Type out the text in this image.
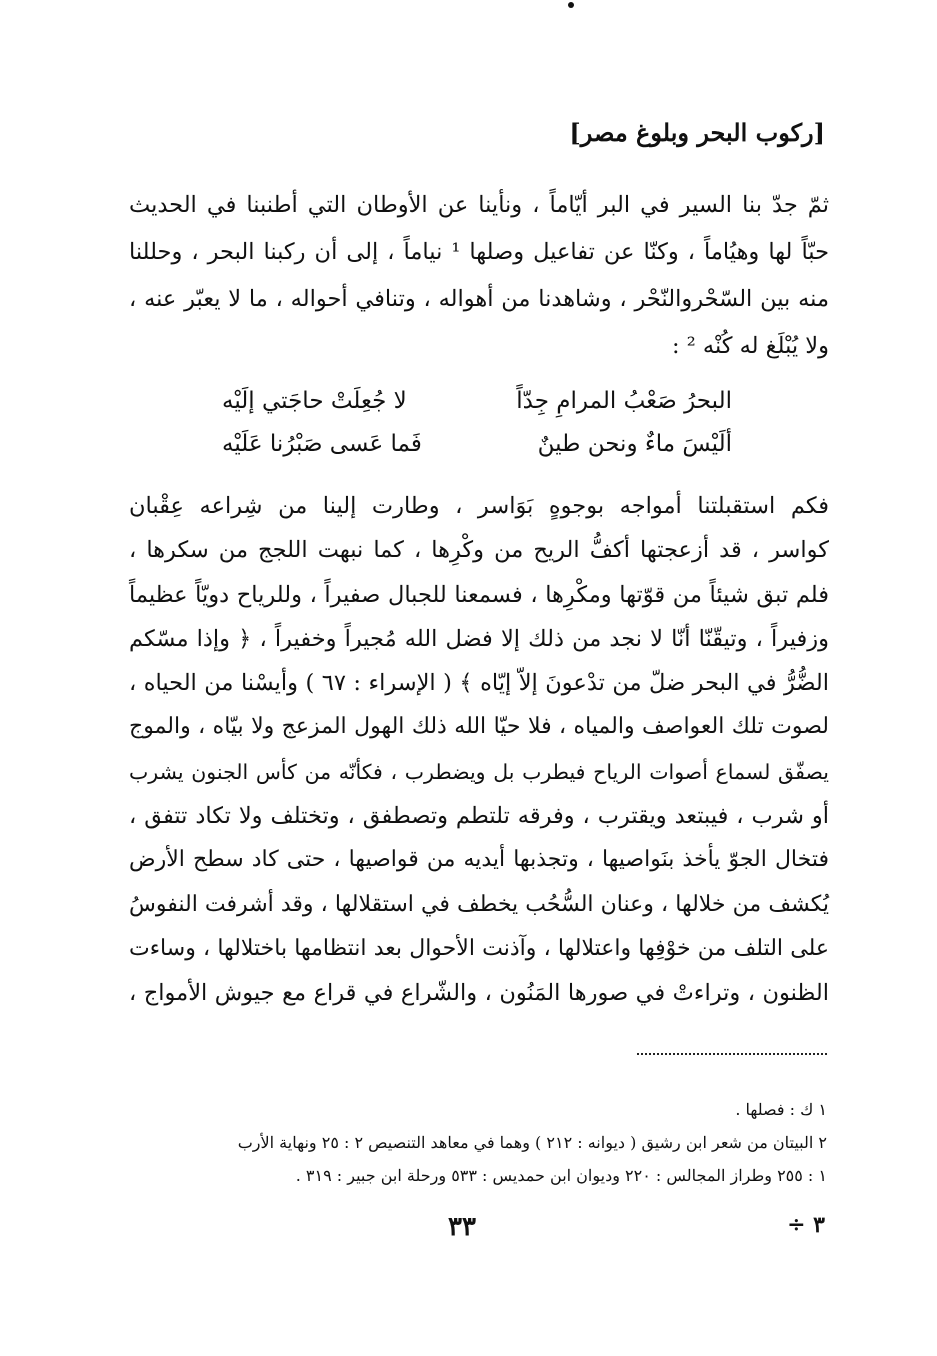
[ركوب البحر وبلوغ مصر]
ثمّ جدّ بنا السير في البر أيّاماً ، ونأينا عن الأوطان التي أطنبنا في الحديث
حبّاً لها وهيُاماً ، وكنّا عن تفاعيل وصلها ¹ نياماً ، إلى أن ركبنا البحر ، وحللنا
منه بين السّحْروالنّحْر ، وشاهدنا من أهواله ، وتنافي أحواله ، ما لا يعبّر عنه ،
ولا يُبْلَغ له كُنْه ² :
البحرُ صَعْبُ المرامِ جِدّاً
لا جُعِلَتْ حاجَتي إلَيْه
ألَيْسَ ماءٌ ونحن طينٌ
فَما عَسى صَبْرُنا عَلَيْه
فكم استقبلتنا أمواجه بوجوهٍ بَوَاسر ، وطارت إلينا من شِراعه عِقْبان
كواسر ، قد أزعجتها أكفُّ الريح من وكْرِها ، كما نبهت اللجج من سكرها ،
فلم تبق شيئاً من قوّتها ومكْرِها ، فسمعنا للجبال صفيراً ، وللرياح دويّاً عظيماً
وزفيراً ، وتيقّنّا أنّا لا نجد من ذلك إلا فضل الله مُجيراً وخفيراً ، ﴿ وإذا مسّكم
الضُّرُّ في البحر ضلّ من تدْعونَ إلاّ إيّاه ﴾ ( الإسراء : ٦٧ ) وأيسْنا من الحياه ،
لصوت تلك العواصف والمياه ، فلا حيّا الله ذلك الهول المزعج ولا بيّاه ، والموج
يصفّق لسماع أصوات الرياح فيطرب بل ويضطرب ، فكأنّه من كأس الجنون يشرب
أو شرب ، فيبتعد ويقترب ، وفرقه تلتطم وتصطفق ، وتختلف ولا تكاد تتفق ،
فتخال الجوّ يأخذ بنَواصيها ، وتجذبها أيديه من قواصيها ، حتى كاد سطح الأرض
يُكشف من خلالها ، وعنان السُّحُب يخطف في استقلالها ، وقد أشرفت النفوسُ
على التلف من خوْفِها واعتلالها ، وآذنت الأحوال بعد انتظامها باختلالها ، وساءت
الظنون ، وتراءتْ في صورها المَنُون ، والشّراع في قراع مع جيوش الأمواج ،
١ ك : فصلها .
٢ البيتان من شعر ابن رشيق ( ديوانه : ٢١٢ ) وهما في معاهد التنصيص ٢ : ٢٥ ونهاية الأرب
١ : ٢٥٥ وطراز المجالس : ٢٢٠ وديوان ابن حمديس : ٥٣٣ ورحلة ابن جبير : ٣١٩ .
٣٣	٣ ÷
